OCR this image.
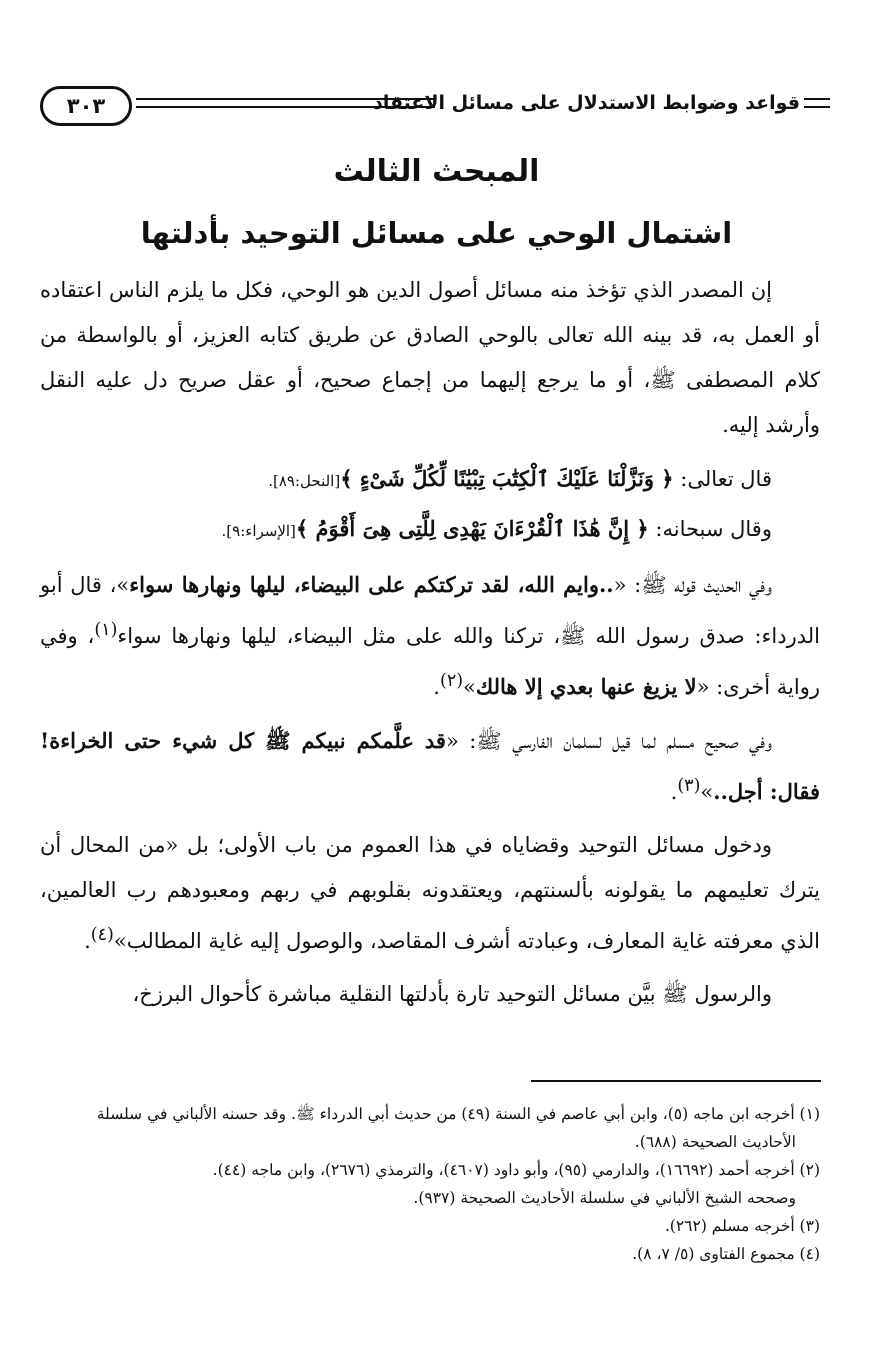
قواعد وضوابط الاستدلال على مسائل الاعتقاد
٣٠٣
المبحث الثالث
اشتمال الوحي على مسائل التوحيد بأدلتها

إن المصدر الذي تؤخذ منه مسائل أصول الدين هو الوحي، فكل ما يلزم الناس اعتقاده أو العمل به، قد بينه الله تعالى بالوحي الصادق عن طريق كتابه العزيز، أو بالواسطة من كلام المصطفى ﷺ، أو ما يرجع إليهما من إجماع صحيح، أو عقل صريح دل عليه النقل وأرشد إليه.

قال تعالى: ﴿ وَنَزَّلْنَا عَلَيْكَ ٱلْكِتَٰبَ تِبْيَٰنًا لِّكُلِّ شَىْءٍ ﴾[النحل:٨٩].

وقال سبحانه: ﴿ إِنَّ هَٰذَا ٱلْقُرْءَانَ يَهْدِى لِلَّتِى هِىَ أَقْوَمُ ﴾[الإسراء:٩].

وفي الحديث قوله ﷺ: «..وايم الله، لقد تركتكم على البيضاء، ليلها ونهارها سواء»، قال أبو الدرداء: صدق رسول الله ﷺ، تركنا والله على مثل البيضاء، ليلها ونهارها سواء$^{(١)}$، وفي رواية أخرى: «لا يزيغ عنها بعدي إلا هالك»$^{(٢)}$.

وفي صحيح مسلم لما قيل لسلمان الفارسي ﷺ: «قد علَّمكم نبيكم ﷺ كل شيء حتى الخراءة! فقال: أجل..»$^{(٣)}$.

ودخول مسائل التوحيد وقضاياه في هذا العموم من باب الأولى؛ بل «من المحال أن يترك تعليمهم ما يقولونه بألسنتهم، ويعتقدونه بقلوبهم في ربهم ومعبودهم رب العالمين، الذي معرفته غاية المعارف، وعبادته أشرف المقاصد، والوصول إليه غاية المطالب»$^{(٤)}$.

والرسول ﷺ بيَّن مسائل التوحيد تارة بأدلتها النقلية مباشرة كأحوال البرزخ،

(١) أخرجه ابن ماجه (٥)، وابن أبي عاصم في السنة (٤٩) من حديث أبي الدرداء ﷺ. وقد حسنه الألباني في سلسلة

الأحاديث الصحيحة (٦٨٨).

(٢) أخرجه أحمد (١٦٦٩٢)، والدارمي (٩٥)، وأبو داود (٤٦٠٧)، والترمذي (٢٦٧٦)، وابن ماجه (٤٤).

وصححه الشيخ الألباني في سلسلة الأحاديث الصحيحة (٩٣٧).

(٣) أخرجه مسلم (٢٦٢).

(٤) مجموع الفتاوى (٥/ ٧، ٨).
